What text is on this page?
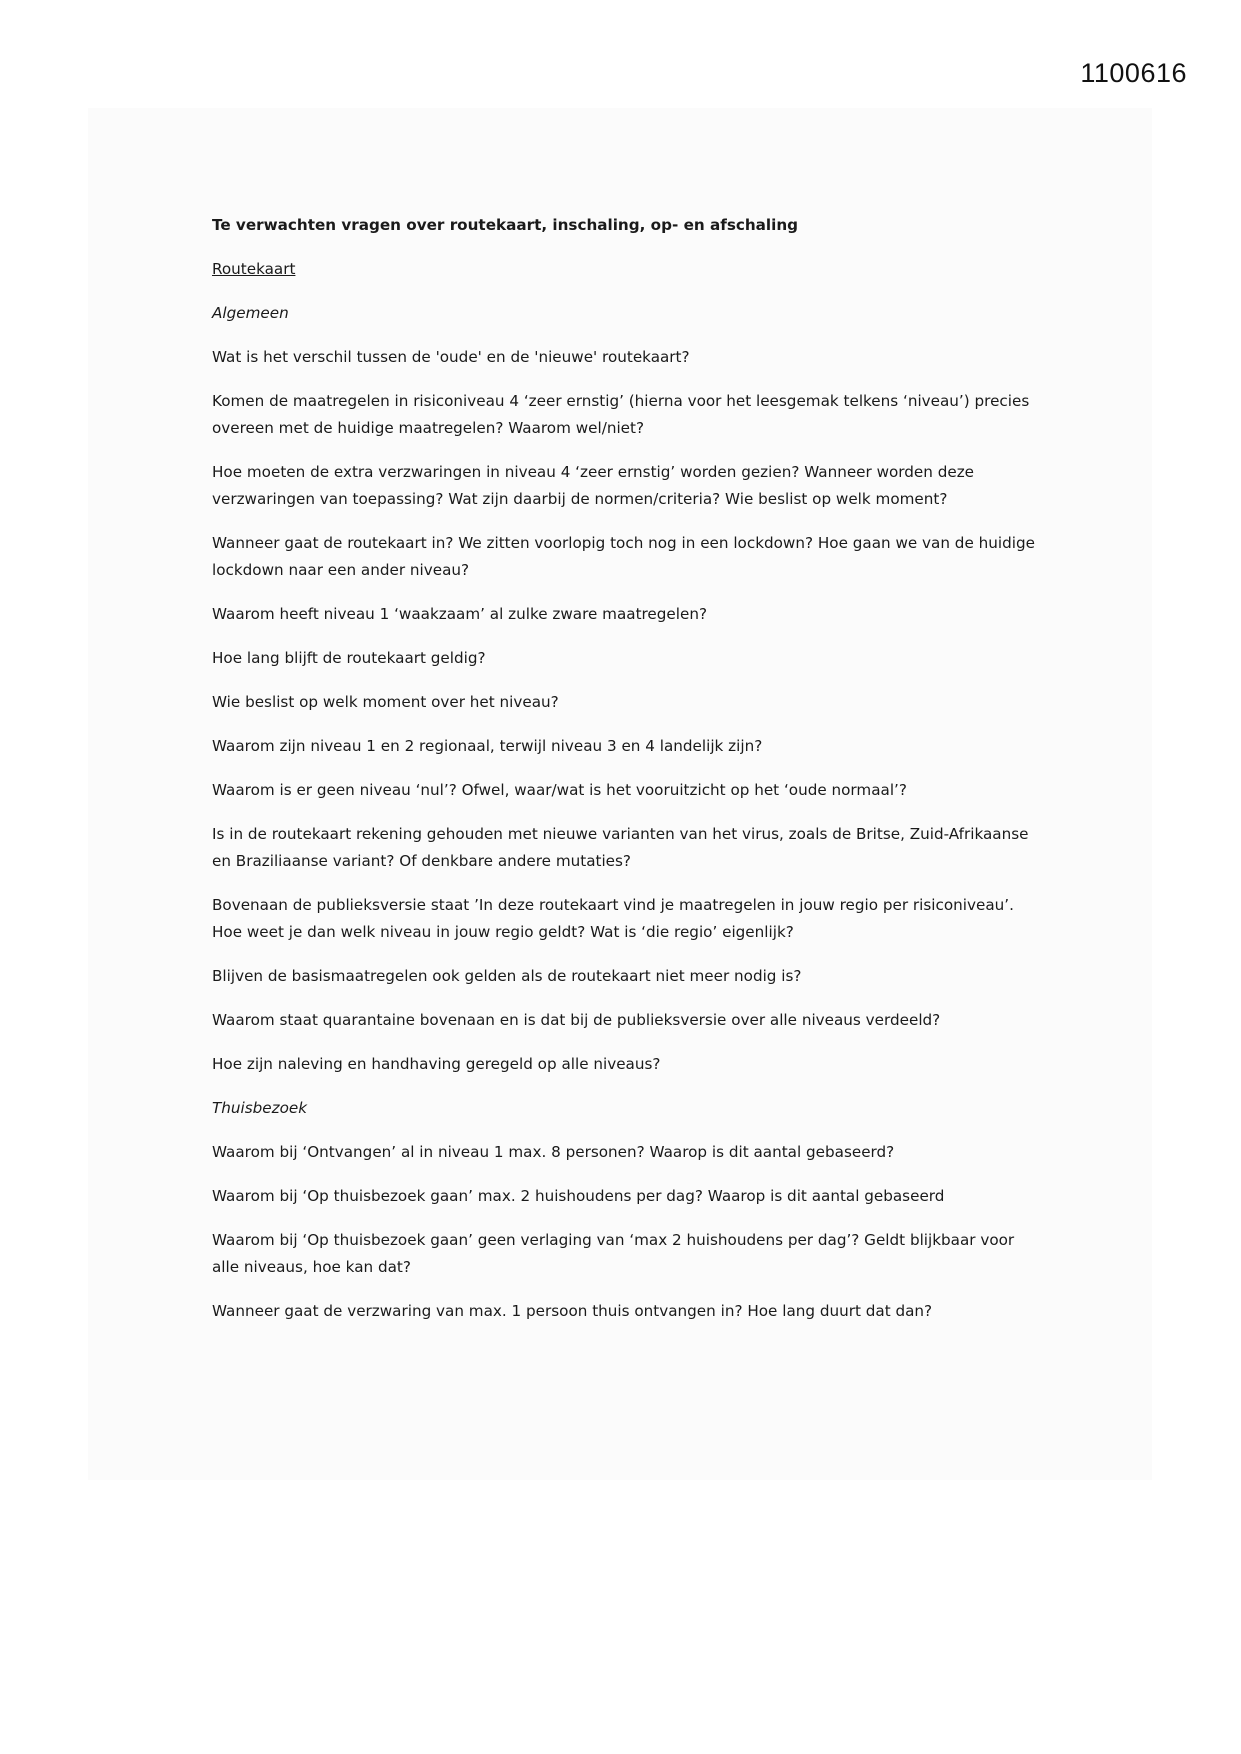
1100616

Te verwachten vragen over routekaart, inschaling, op- en afschaling

Routekaart

Algemeen

Wat is het verschil tussen de 'oude' en de 'nieuwe' routekaart?

Komen de maatregelen in risiconiveau 4 ‘zeer ernstig’ (hierna voor het leesgemak telkens ‘niveau’) precies overeen met de huidige maatregelen? Waarom wel/niet?

Hoe moeten de extra verzwaringen in niveau 4 ‘zeer ernstig’ worden gezien? Wanneer worden deze verzwaringen van toepassing? Wat zijn daarbij de normen/criteria? Wie beslist op welk moment?

Wanneer gaat de routekaart in? We zitten voorlopig toch nog in een lockdown? Hoe gaan we van de huidige lockdown naar een ander niveau?

Waarom heeft niveau 1 ‘waakzaam’ al zulke zware maatregelen?

Hoe lang blijft de routekaart geldig?

Wie beslist op welk moment over het niveau?

Waarom zijn niveau 1 en 2 regionaal, terwijl niveau 3 en 4 landelijk zijn?

Waarom is er geen niveau ‘nul’? Ofwel, waar/wat is het vooruitzicht op het ‘oude normaal’?

Is in de routekaart rekening gehouden met nieuwe varianten van het virus, zoals de Britse, Zuid-Afrikaanse en Braziliaanse variant? Of denkbare andere mutaties?

Bovenaan de publieksversie staat ’In deze routekaart vind je maatregelen in jouw regio per risiconiveau’. Hoe weet je dan welk niveau in jouw regio geldt? Wat is ‘die regio’ eigenlijk?

Blijven de basismaatregelen ook gelden als de routekaart niet meer nodig is?

Waarom staat quarantaine bovenaan en is dat bij de publieksversie over alle niveaus verdeeld?

Hoe zijn naleving en handhaving geregeld op alle niveaus?

Thuisbezoek

Waarom bij ‘Ontvangen’ al in niveau 1 max. 8 personen? Waarop is dit aantal gebaseerd?

Waarom bij ‘Op thuisbezoek gaan’ max. 2 huishoudens per dag? Waarop is dit aantal gebaseerd

Waarom bij ‘Op thuisbezoek gaan’ geen verlaging van ‘max 2 huishoudens per dag’? Geldt blijkbaar voor alle niveaus, hoe kan dat?

Wanneer gaat de verzwaring van max. 1 persoon thuis ontvangen in? Hoe lang duurt dat dan?
